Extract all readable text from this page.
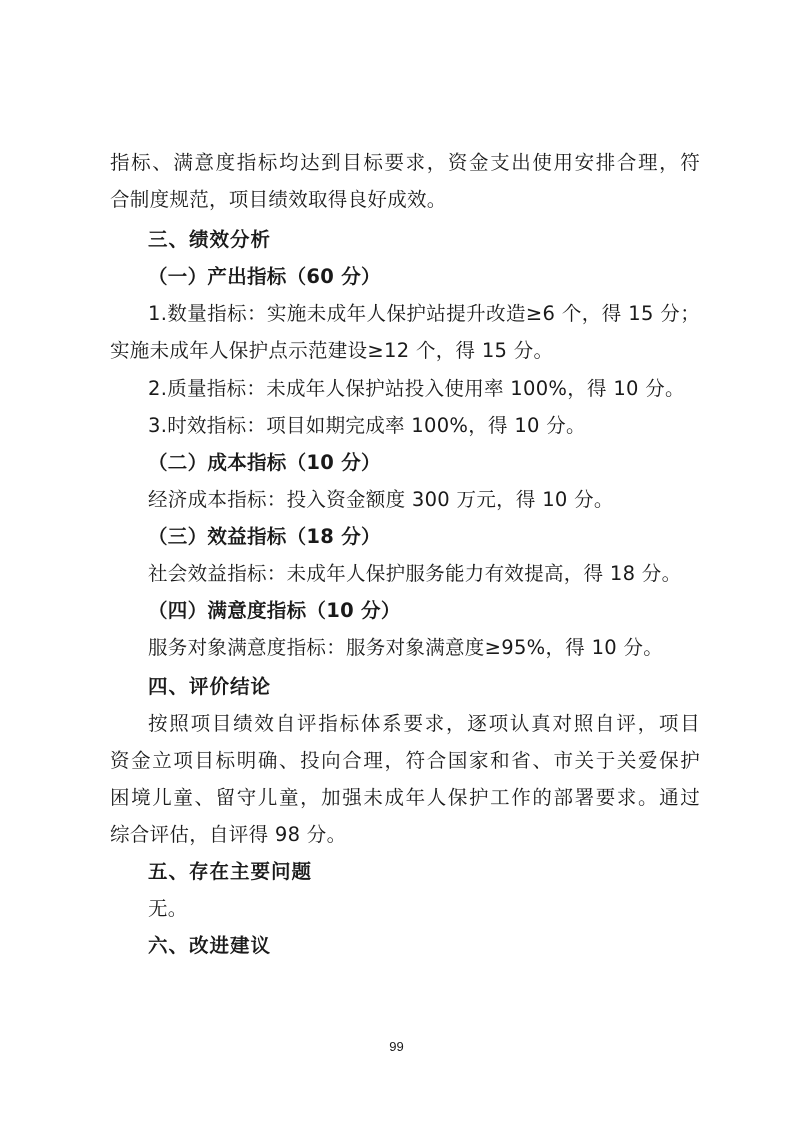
指标、满意度指标均达到目标要求，资金支出使用安排合理，符
合制度规范，项目绩效取得良好成效。
三、绩效分析
（一）产出指标（60 分）
1.数量指标：实施未成年人保护站提升改造≥6 个，得 15 分；
实施未成年人保护点示范建设≥12 个，得 15 分。
2.质量指标：未成年人保护站投入使用率 100%，得 10 分。
3.时效指标：项目如期完成率 100%，得 10 分。
（二）成本指标（10 分）
经济成本指标：投入资金额度 300 万元，得 10 分。
（三）效益指标（18 分）
社会效益指标：未成年人保护服务能力有效提高，得 18 分。
（四）满意度指标（10 分）
服务对象满意度指标：服务对象满意度≥95%，得 10 分。
四、评价结论
按照项目绩效自评指标体系要求，逐项认真对照自评，项目
资金立项目标明确、投向合理，符合国家和省、市关于关爱保护
困境儿童、留守儿童，加强未成年人保护工作的部署要求。通过
综合评估，自评得 98 分。
五、存在主要问题
无。
六、改进建议
99
